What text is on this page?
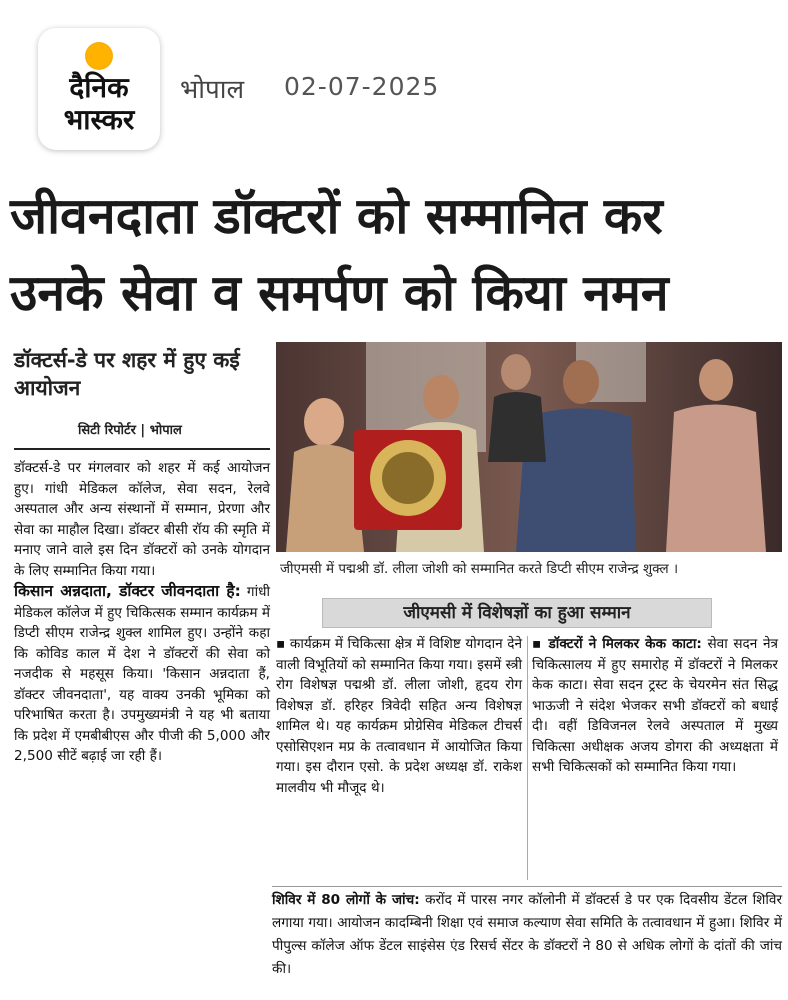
दैनिक
भास्कर
भोपाल 02-07-2025
जीवनदाता डॉक्टरों को सम्मानित कर
उनके सेवा व समर्पण को किया नमन
डॉक्टर्स-डे पर शहर में हुए कई आयोजन
सिटी रिपोर्टर | भोपाल

डॉक्टर्स-डे पर मंगलवार को शहर में कई आयोजन हुए। गांधी मेडिकल कॉलेज, सेवा सदन, रेलवे अस्पताल और अन्य संस्थानों में सम्मान, प्रेरणा और सेवा का माहौल दिखा। डॉक्टर बीसी रॉय की स्मृति में मनाए जाने वाले इस दिन डॉक्टरों को उनके योगदान के लिए सम्मानित किया गया।

किसान अन्नदाता, डॉक्टर जीवनदाता है: गांधी मेडिकल कॉलेज में हुए चिकित्सक सम्मान कार्यक्रम में डिप्टी सीएम राजेन्द्र शुक्ल शामिल हुए। उन्होंने कहा कि कोविड काल में देश ने डॉक्टरों की सेवा को नजदीक से महसूस किया। 'किसान अन्नदाता हैं, डॉक्टर जीवनदाता', यह वाक्य उनकी भूमिका को परिभाषित करता है। उपमुख्यमंत्री ने यह भी बताया कि प्रदेश में एमबीबीएस और पीजी की 5,000 और 2,500 सीटें बढ़ाई जा रही हैं।

जीएमसी में पद्मश्री डॉ. लीला जोशी को सम्मानित करते डिप्टी सीएम राजेन्द्र शुक्ल ।
जीएमसी में विशेषज्ञों का हुआ सम्मान
▪ कार्यक्रम में चिकित्सा क्षेत्र में विशिष्ट योगदान देने वाली विभूतियों को सम्मानित किया गया। इसमें स्त्री रोग विशेषज्ञ पद्मश्री डॉ. लीला जोशी, हृदय रोग विशेषज्ञ डॉ. हरिहर त्रिवेदी सहित अन्य विशेषज्ञ शामिल थे। यह कार्यक्रम प्रोग्रेसिव मेडिकल टीचर्स एसोसिएशन मप्र के तत्वावधान में आयोजित किया गया। इस दौरान एसो. के प्रदेश अध्यक्ष डॉ. राकेश मालवीय भी मौजूद थे।
▪ डॉक्टरों ने मिलकर केक काटा: सेवा सदन नेत्र चिकित्सालय में हुए समारोह में डॉक्टरों ने मिलकर केक काटा। सेवा सदन ट्रस्ट के चेयरमेन संत सिद्ध भाऊजी ने संदेश भेजकर सभी डॉक्टरों को बधाई दी। वहीं डिविजनल रेलवे अस्पताल में मुख्य चिकित्सा अधीक्षक अजय डोगरा की अध्यक्षता में सभी चिकित्सकों को सम्मानित किया गया।
शिविर में 80 लोगों के जांच: करोंद में पारस नगर कॉलोनी में डॉक्टर्स डे पर एक दिवसीय डेंटल शिविर लगाया गया। आयोजन कादम्बिनी शिक्षा एवं समाज कल्याण सेवा समिति के तत्वावधान में हुआ। शिविर में पीपुल्स कॉलेज ऑफ डेंटल साइंसेस एंड रिसर्च सेंटर के डॉक्टरों ने 80 से अधिक लोगों के दांतों की जांच की।
